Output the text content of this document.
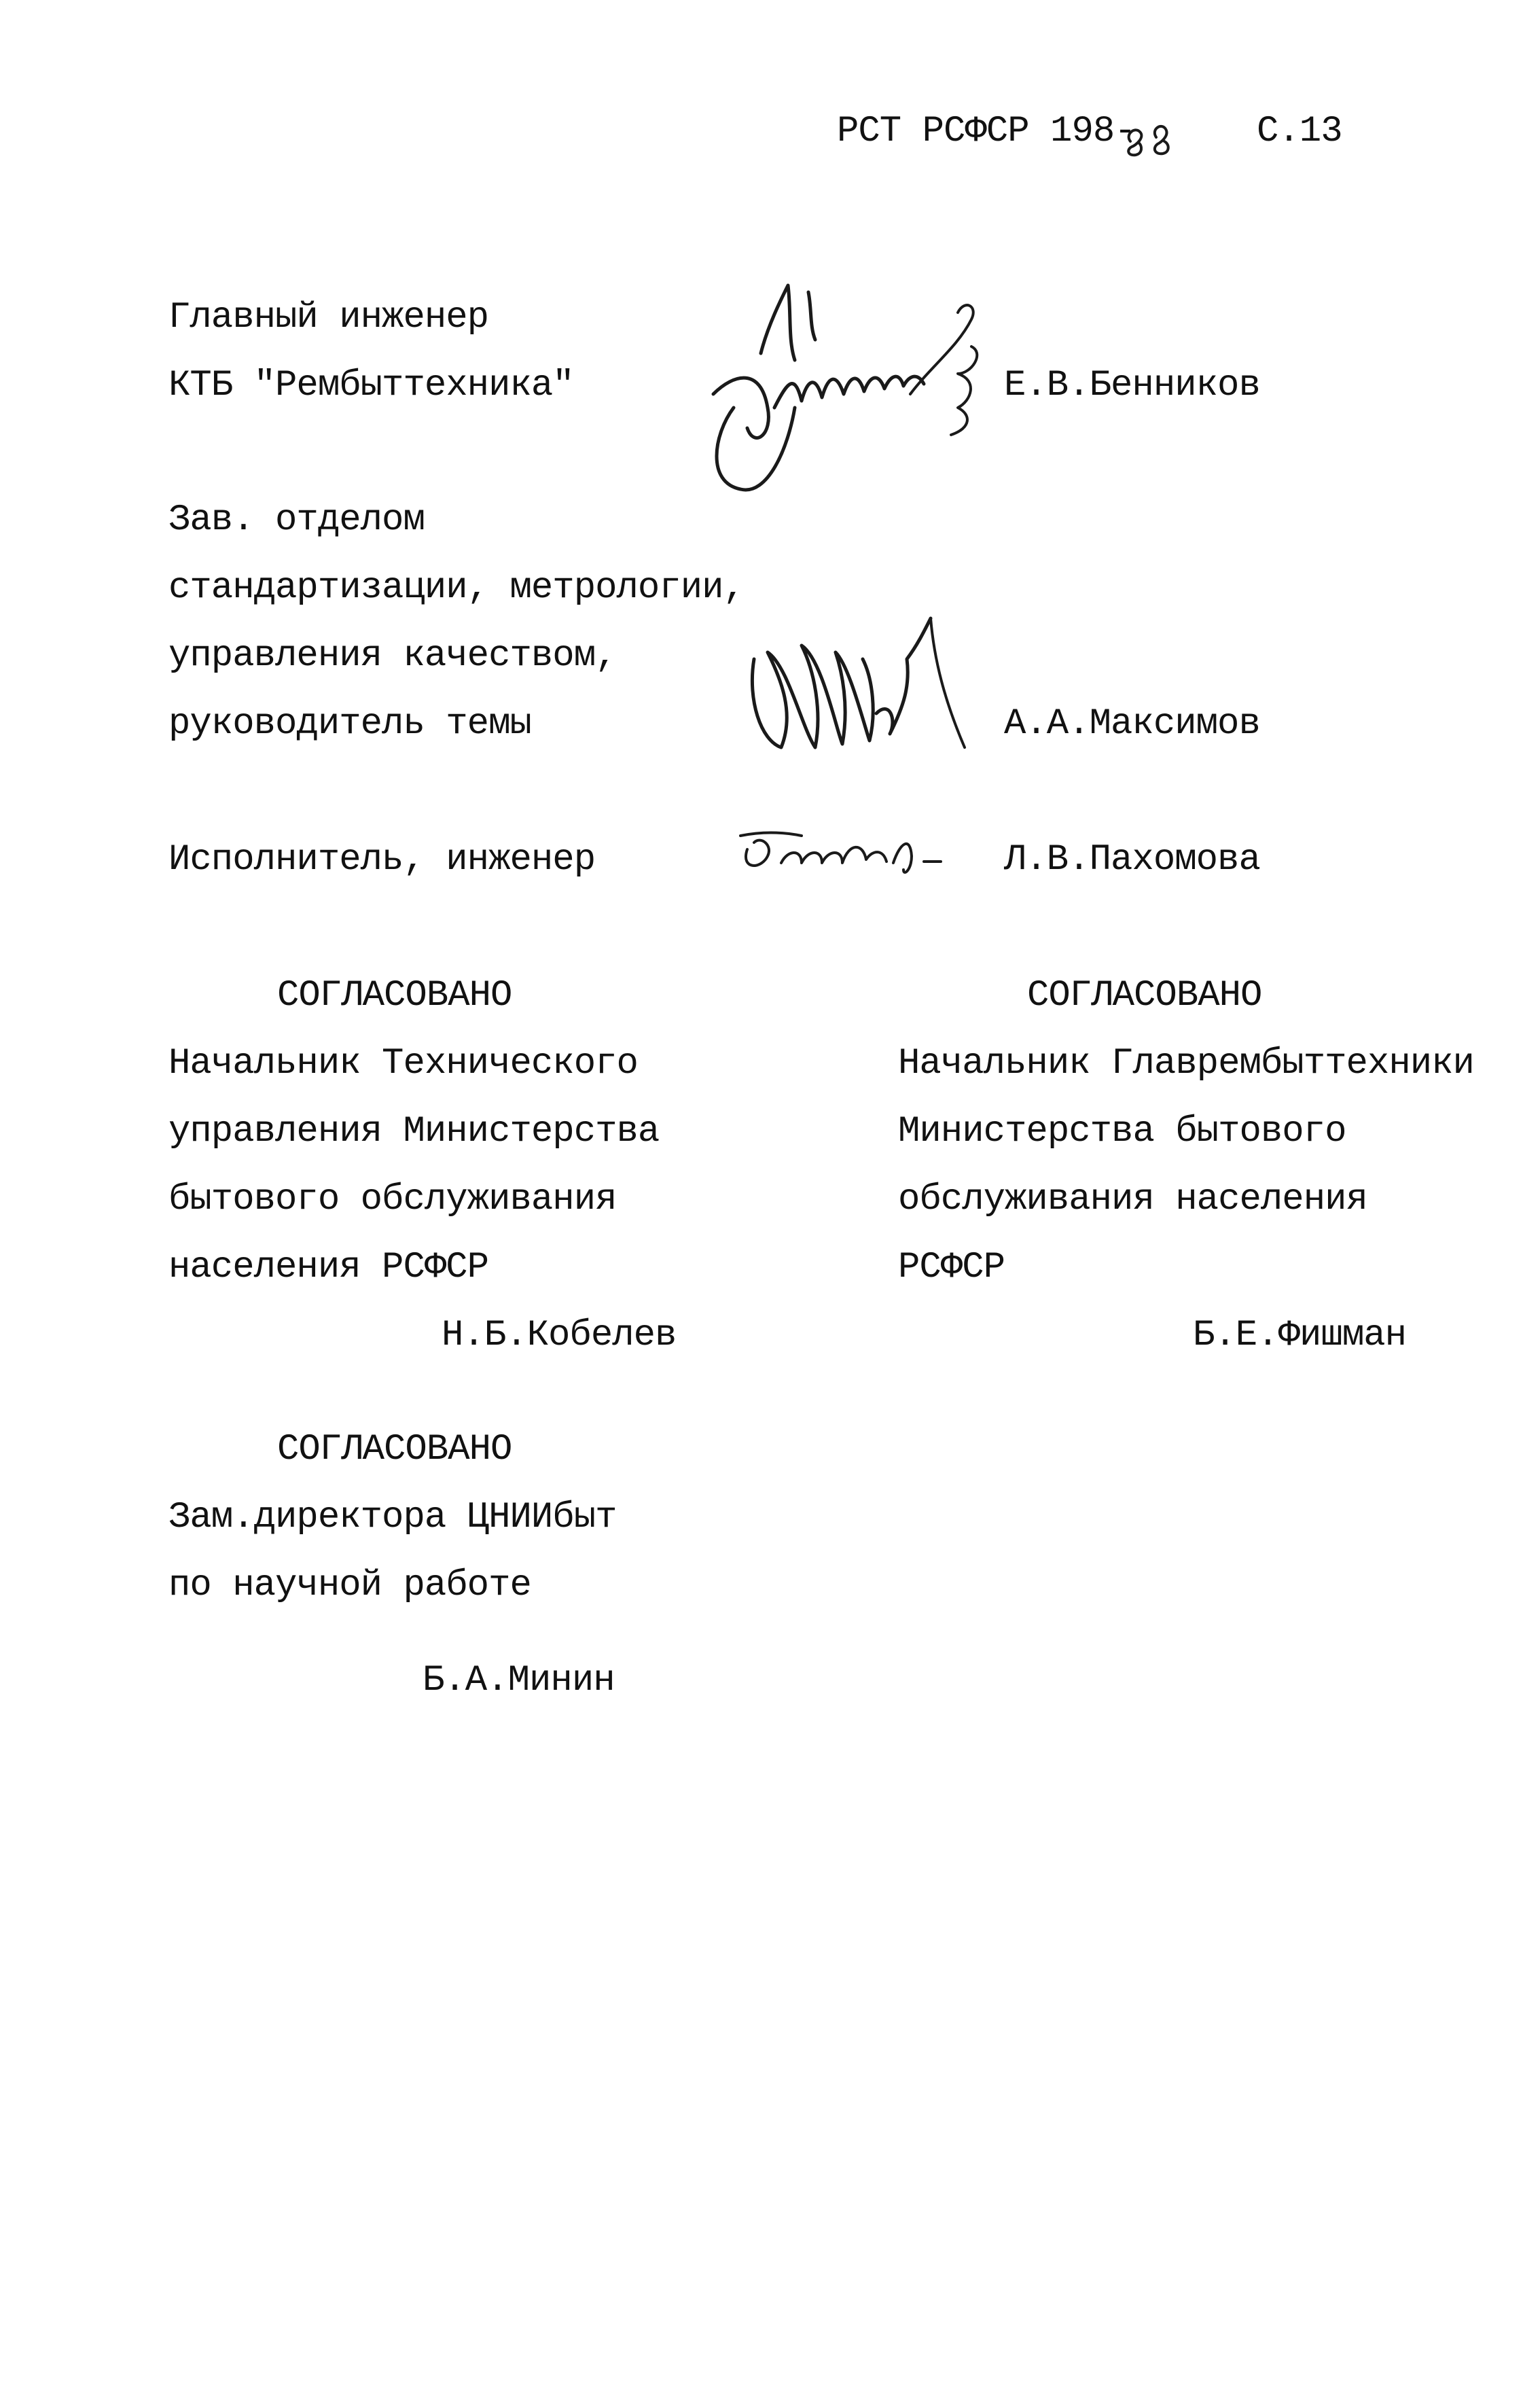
РСТ РСФСР 198-	С.13
Главный инженер
КТБ "Рембыттехника"	Е.В.Бенников
Зав. отделом
стандартизации, метрологии,
управления качеством,
руководитель темы	А.А.Максимов
Исполнитель, инженер	Л.В.Пахомова
СОГЛАСОВАНО
Начальник Технического
управления Министерства
бытового обслуживания
населения РСФСР
Н.Б.Кобелев
СОГЛАСОВАНО
Начальник Главрембыттехники
Министерства бытового
обслуживания населения
РСФСР
Б.Е.Фишман
СОГЛАСОВАНО
Зам.директора ЦНИИбыт
по научной работе
Б.А.Минин
